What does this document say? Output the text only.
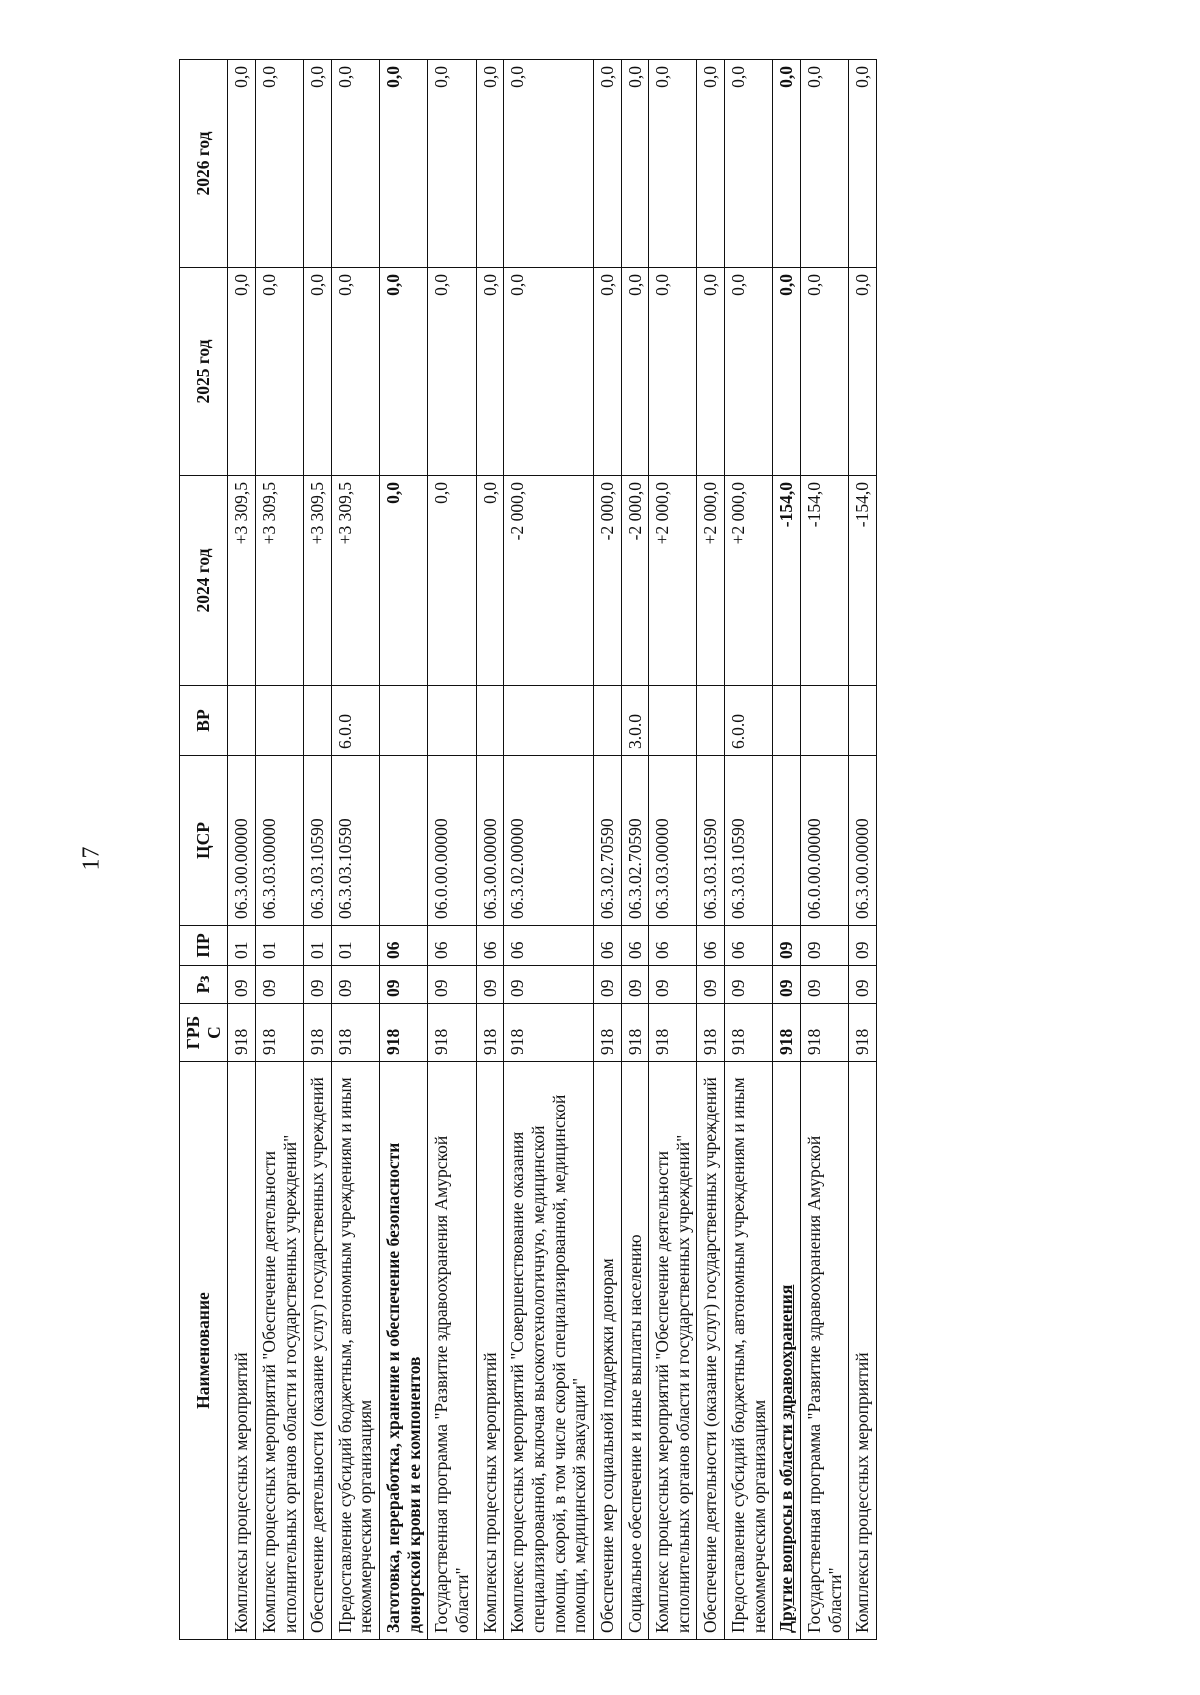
17
Наименование	ГРБС	Рз	ПР	ЦСР	ВР	2024 год	2025 год	2026 год
Комплексы процессных мероприятий	918	09	01	06.3.00.00000		+3 309,5	0,0	0,0
Комплекс процессных мероприятий "Обеспечение деятельности исполнительных органов области и государственных учреждений"	918	09	01	06.3.03.00000		+3 309,5	0,0	0,0
Обеспечение деятельности (оказание услуг) государственных учреждений	918	09	01	06.3.03.10590		+3 309,5	0,0	0,0
Предоставление субсидий бюджетным, автономным учреждениям и иным некоммерческим организациям	918	09	01	06.3.03.10590	6.0.0	+3 309,5	0,0	0,0
Заготовка, переработка, хранение и обеспечение безопасности донорской крови и ее компонентов	918	09	06			0,0	0,0	0,0
Государственная программа "Развитие здравоохранения Амурской области"	918	09	06	06.0.00.00000		0,0	0,0	0,0
Комплексы процессных мероприятий	918	09	06	06.3.00.00000		0,0	0,0	0,0
Комплекс процессных мероприятий "Совершенствование оказания специализированной, включая высокотехнологичную, медицинской помощи, скорой, в том числе скорой специализированной, медицинской помощи, медицинской эвакуации"	918	09	06	06.3.02.00000		-2 000,0	0,0	0,0
Обеспечение мер социальной поддержки донорам	918	09	06	06.3.02.70590		-2 000,0	0,0	0,0
Социальное обеспечение и иные выплаты населению	918	09	06	06.3.02.70590	3.0.0	-2 000,0	0,0	0,0
Комплекс процессных мероприятий "Обеспечение деятельности исполнительных органов области и государственных учреждений"	918	09	06	06.3.03.00000		+2 000,0	0,0	0,0
Обеспечение деятельности (оказание услуг) государственных учреждений	918	09	06	06.3.03.10590		+2 000,0	0,0	0,0
Предоставление субсидий бюджетным, автономным учреждениям и иным некоммерческим организациям	918	09	06	06.3.03.10590	6.0.0	+2 000,0	0,0	0,0
Другие вопросы в области здравоохранения	918	09	09			-154,0	0,0	0,0
Государственная программа "Развитие здравоохранения Амурской области"	918	09	09	06.0.00.00000		-154,0	0,0	0,0
Комплексы процессных мероприятий	918	09	09	06.3.00.00000		-154,0	0,0	0,0
